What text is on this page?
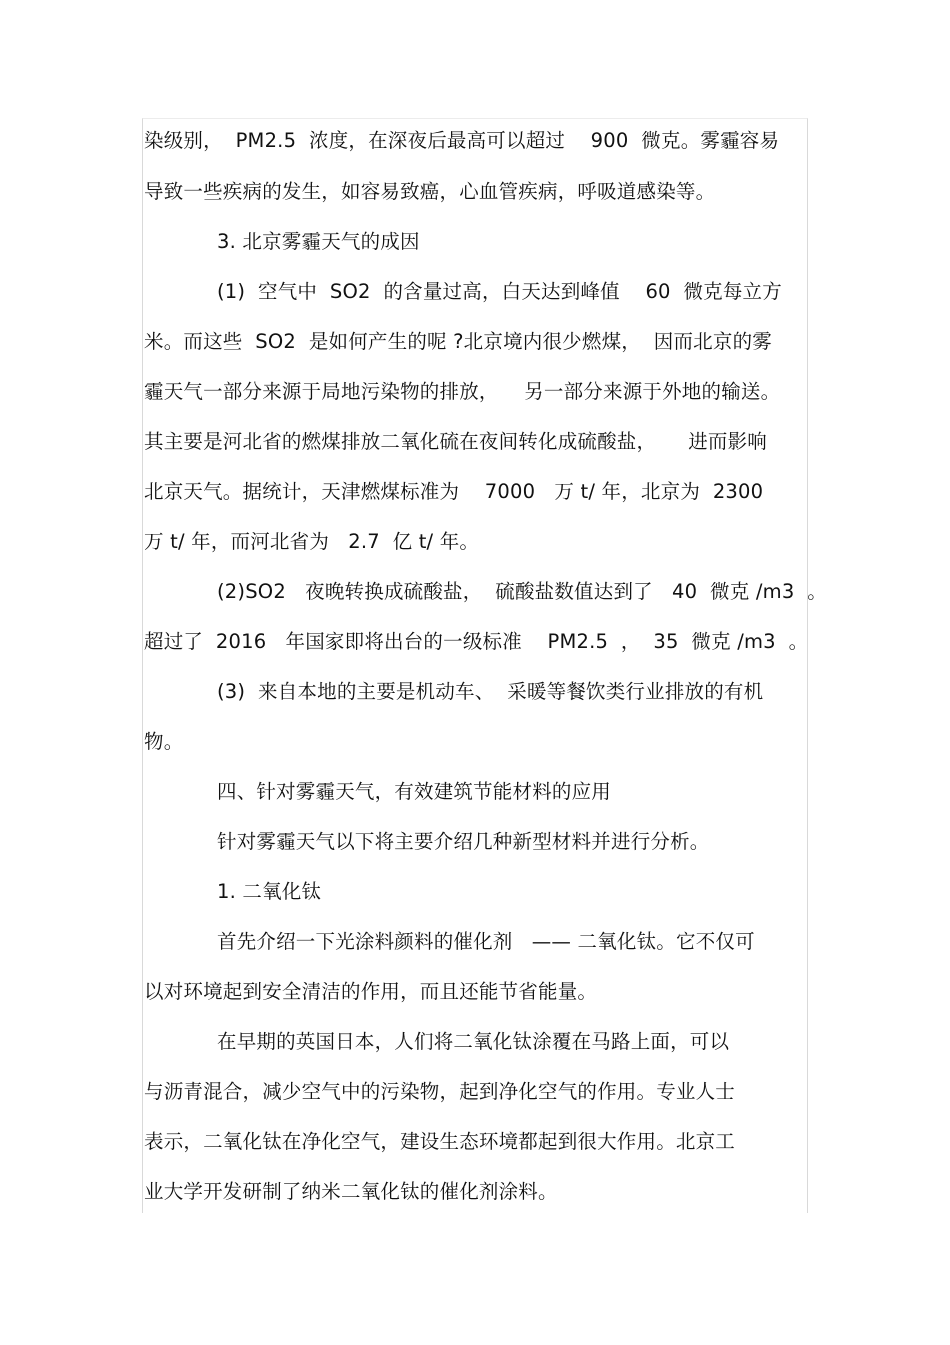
染级别，  PM2.5  浓度，在深夜后最高可以超过    900  微克。雾霾容易
导致一些疾病的发生，如容易致癌，心血管疾病，呼吸道感染等。
3. 北京雾霾天气的成因
(1)  空气中  SO2  的含量过高，白天达到峰值    60  微克每立方
米。而这些  SO2  是如何产生的呢 ?北京境内很少燃煤，  因而北京的雾
霾天气一部分来源于局地污染物的排放，    另一部分来源于外地的输送。
其主要是河北省的燃煤排放二氧化硫在夜间转化成硫酸盐，     进而影响
北京天气。据统计，天津燃煤标准为    7000   万 t/ 年，北京为  2300
万 t/ 年，而河北省为   2.7  亿 t/ 年。
(2)SO2   夜晚转换成硫酸盐，  硫酸盐数值达到了   40  微克 /m3  。
超过了  2016   年国家即将出台的一级标准    PM2.5  ，  35  微克 /m3  。
(3)  来自本地的主要是机动车、  采暖等餐饮类行业排放的有机
物。
四、针对雾霾天气，有效建筑节能材料的应用
针对雾霾天气以下将主要介绍几种新型材料并进行分析。
1. 二氧化钛
首先介绍一下光涂料颜料的催化剂   —— 二氧化钛。它不仅可
以对环境起到安全清洁的作用，而且还能节省能量。
在早期的英国日本，人们将二氧化钛涂覆在马路上面，可以
与沥青混合，减少空气中的污染物，起到净化空气的作用。专业人士
表示，二氧化钛在净化空气，建设生态环境都起到很大作用。北京工
业大学开发研制了纳米二氧化钛的催化剂涂料。
